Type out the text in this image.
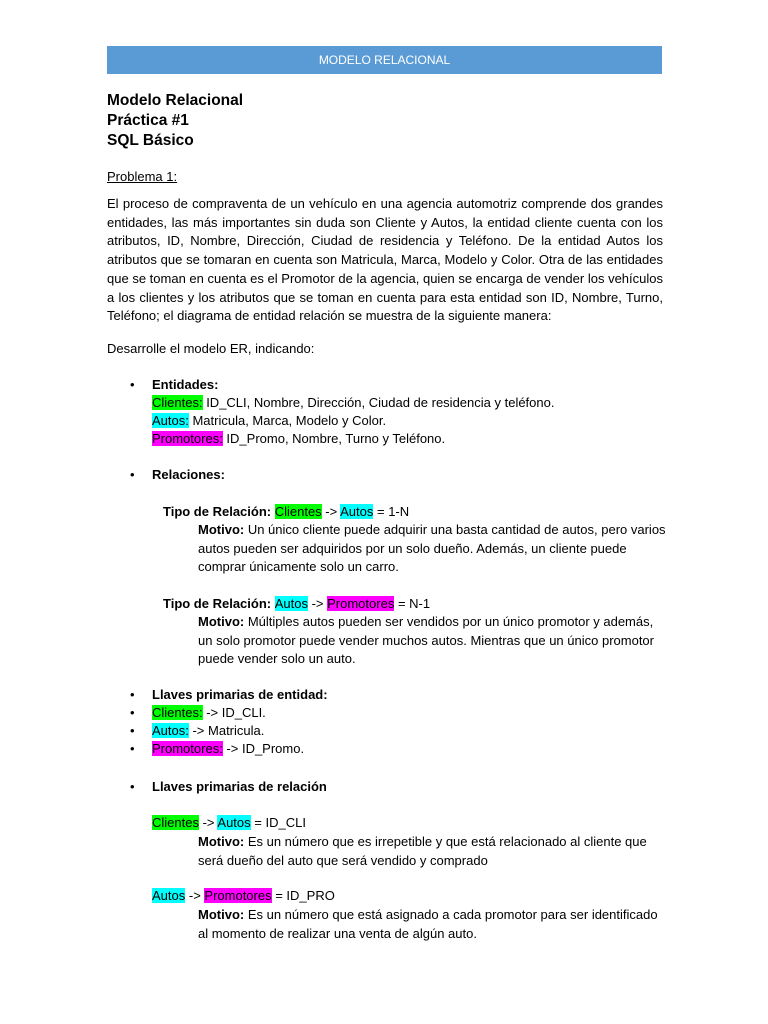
MODELO RELACIONAL
Modelo Relacional
Práctica #1
SQL Básico
Problema 1:
El proceso de compraventa de un vehículo en una agencia automotriz comprende dos grandes entidades, las más importantes sin duda son Cliente y Autos, la entidad cliente cuenta con los atributos, ID, Nombre, Dirección, Ciudad de residencia y Teléfono. De la entidad Autos los atributos que se tomaran en cuenta son Matricula, Marca, Modelo y Color. Otra de las entidades que se toman en cuenta es el Promotor de la agencia, quien se encarga de vender los vehículos a los clientes y los atributos que se toman en cuenta para esta entidad son ID, Nombre, Turno, Teléfono; el diagrama de entidad relación se muestra de la siguiente manera:
Desarrolle el modelo ER, indicando:
• Entidades:
Clientes: ID_CLI, Nombre, Dirección, Ciudad de residencia y teléfono.
Autos: Matricula, Marca, Modelo y Color.
Promotores: ID_Promo, Nombre, Turno y Teléfono.
• Relaciones:
Tipo de Relación: Clientes -> Autos = 1-N
Motivo: Un único cliente puede adquirir una basta cantidad de autos, pero varios autos pueden ser adquiridos por un solo dueño. Además, un cliente puede comprar únicamente solo un carro.
Tipo de Relación: Autos -> Promotores = N-1
Motivo: Múltiples autos pueden ser vendidos por un único promotor y además, un solo promotor puede vender muchos autos. Mientras que un único promotor puede vender solo un auto.
• Llaves primarias de entidad:
• Clientes: -> ID_CLI.
• Autos: -> Matricula.
• Promotores: -> ID_Promo.
• Llaves primarias de relación
Clientes -> Autos = ID_CLI
Motivo: Es un número que es irrepetible y que está relacionado al cliente que será dueño del auto que será vendido y comprado
Autos -> Promotores = ID_PRO
Motivo: Es un número que está asignado a cada promotor para ser identificado al momento de realizar una venta de algún auto.
